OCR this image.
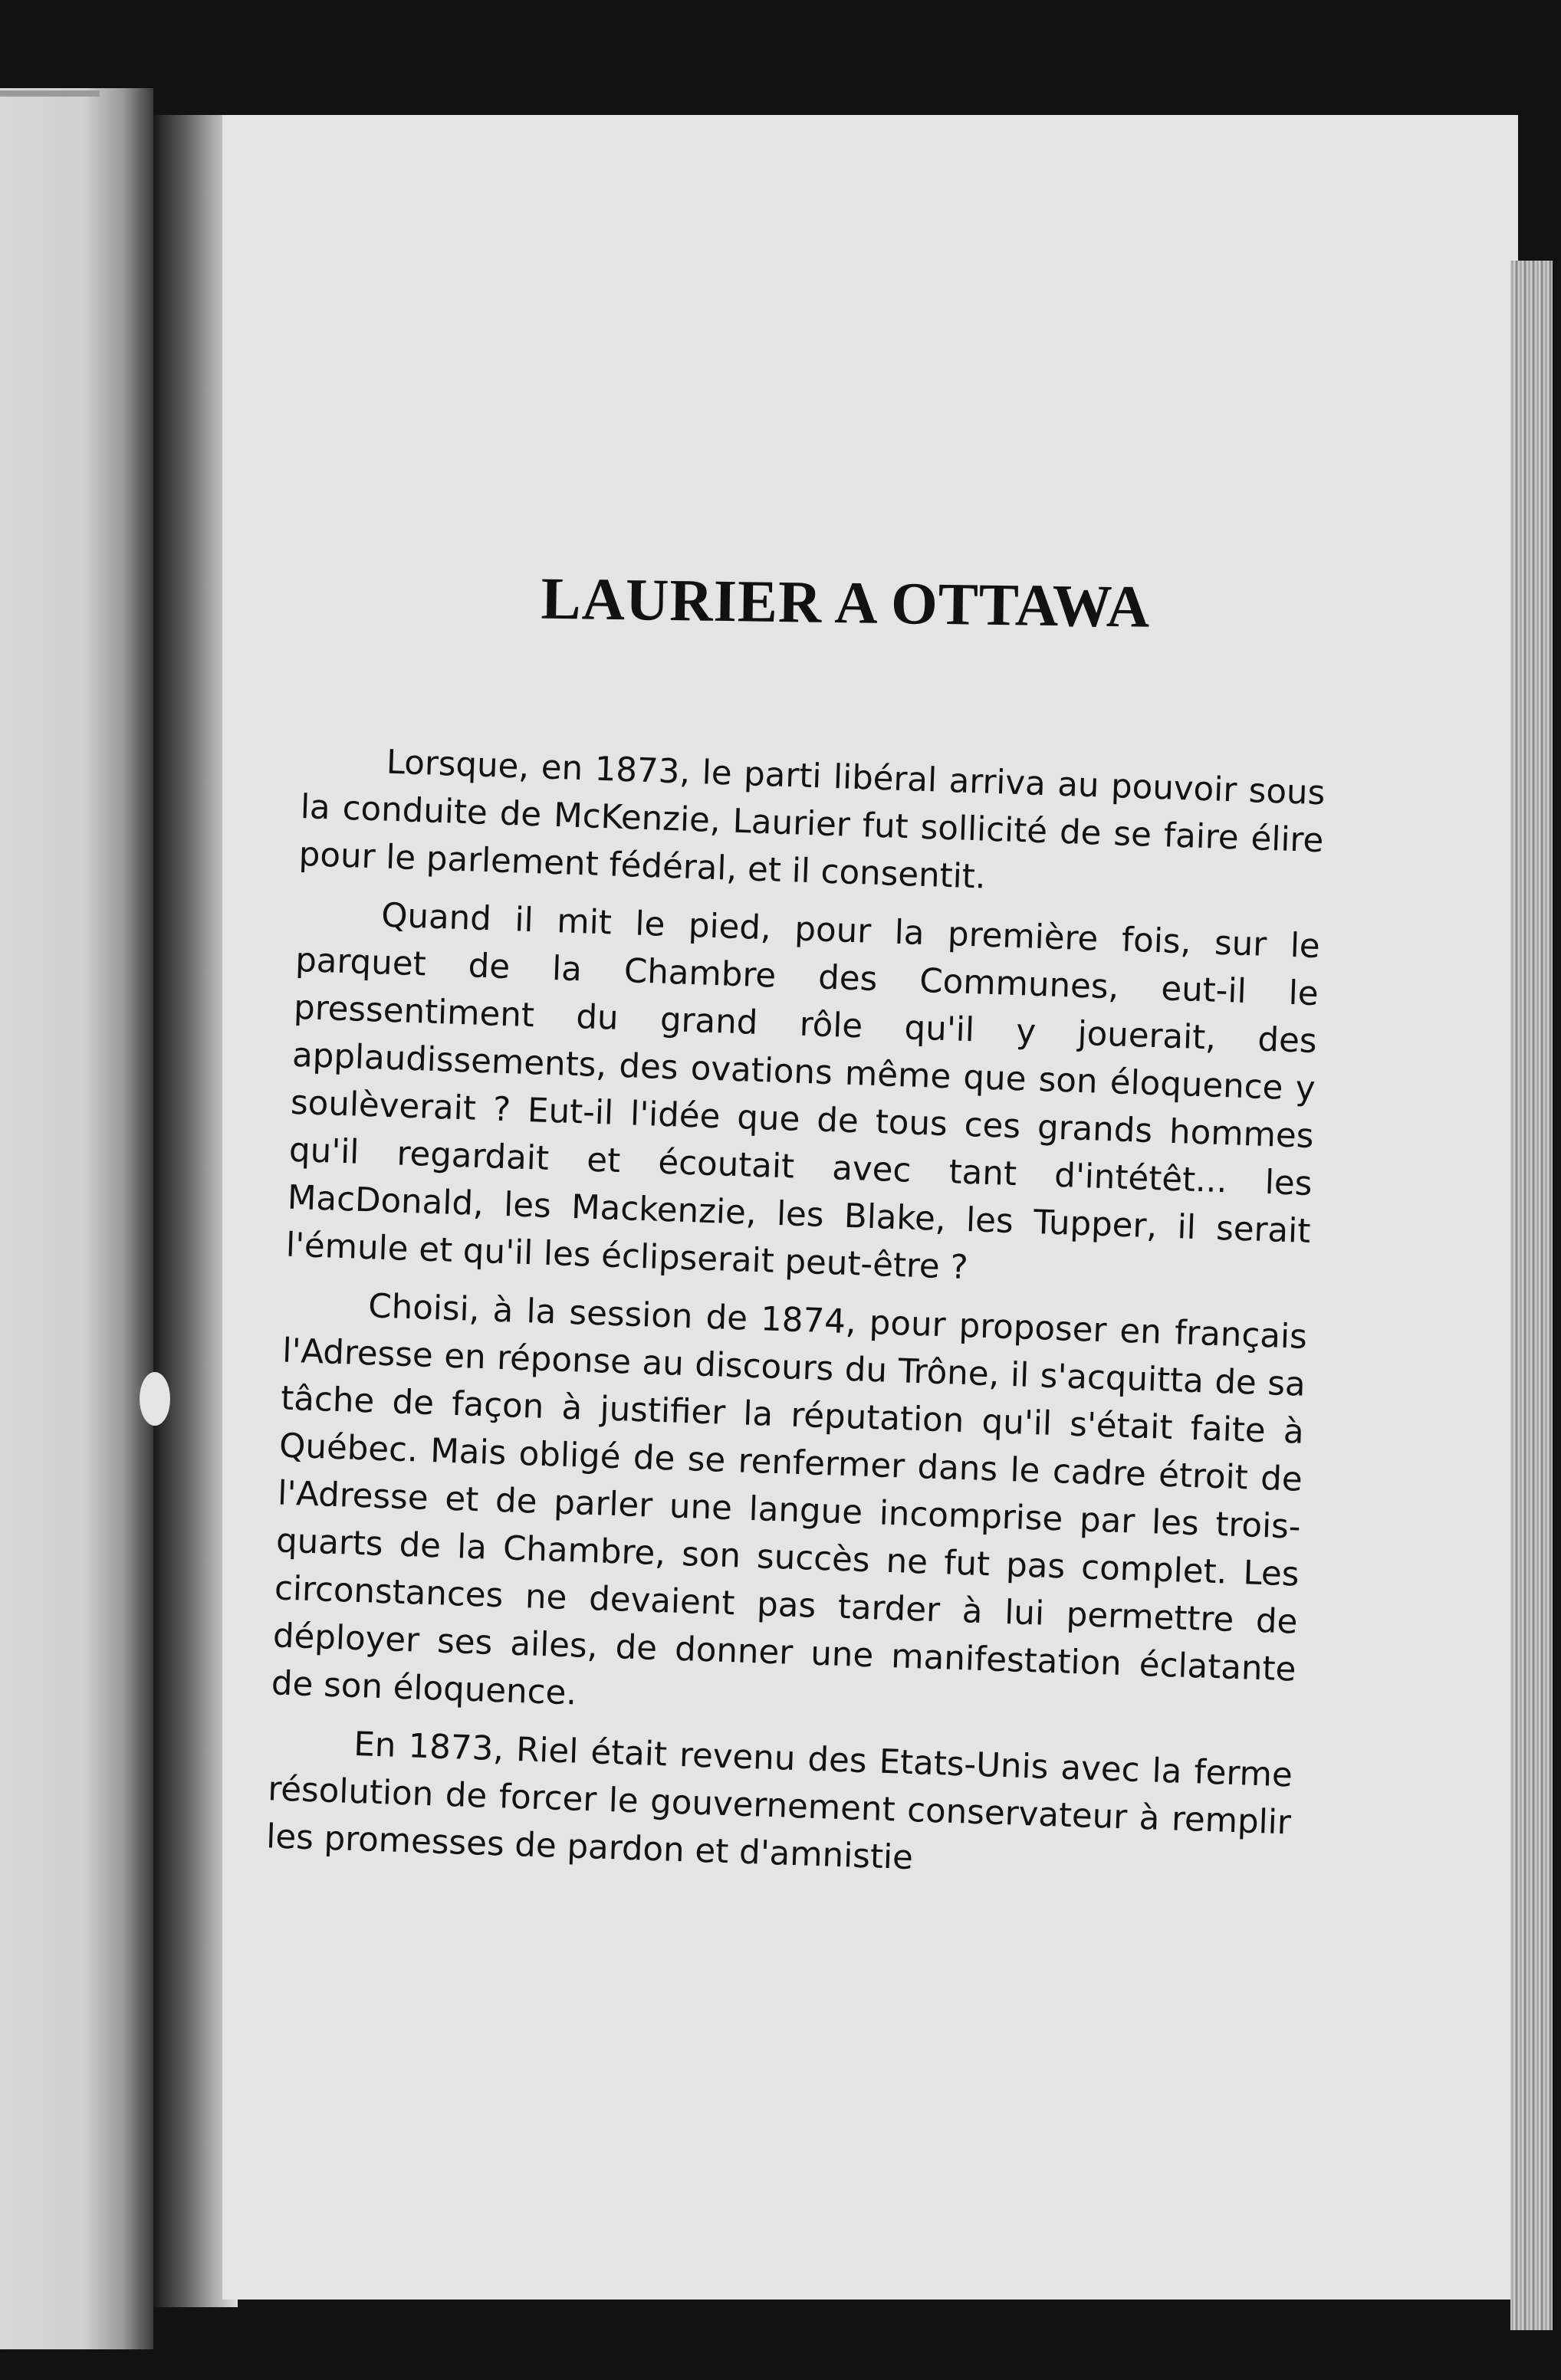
LAURIER A OTTAWA

Lorsque, en 1873, le parti libéral arriva au pouvoir sous la conduite de McKenzie, Laurier fut sollicité de se faire élire pour le parlement fédéral, et il consentit.

Quand il mit le pied, pour la première fois, sur le parquet de la Chambre des Communes, eut-il le pressentiment du grand rôle qu'il y jouerait, des applaudissements, des ovations même que son éloquence y soulèverait ? Eut-il l'idée que de tous ces grands hommes qu'il regardait et écoutait avec tant d'intétêt... les MacDonald, les Mackenzie, les Blake, les Tupper, il serait l'émule et qu'il les éclipserait peut-être ?

Choisi, à la session de 1874, pour proposer en français l'Adresse en réponse au discours du Trône, il s'acquitta de sa tâche de façon à justifier la réputation qu'il s'était faite à Québec. Mais obligé de se renfermer dans le cadre étroit de l'Adresse et de parler une langue incomprise par les trois-quarts de la Chambre, son succès ne fut pas complet. Les circonstances ne devaient pas tarder à lui permettre de déployer ses ailes, de donner une manifestation éclatante de son éloquence.

En 1873, Riel était revenu des Etats-Unis avec la ferme résolution de forcer le gouvernement conservateur à remplir les promesses de pardon et d'amnistie
